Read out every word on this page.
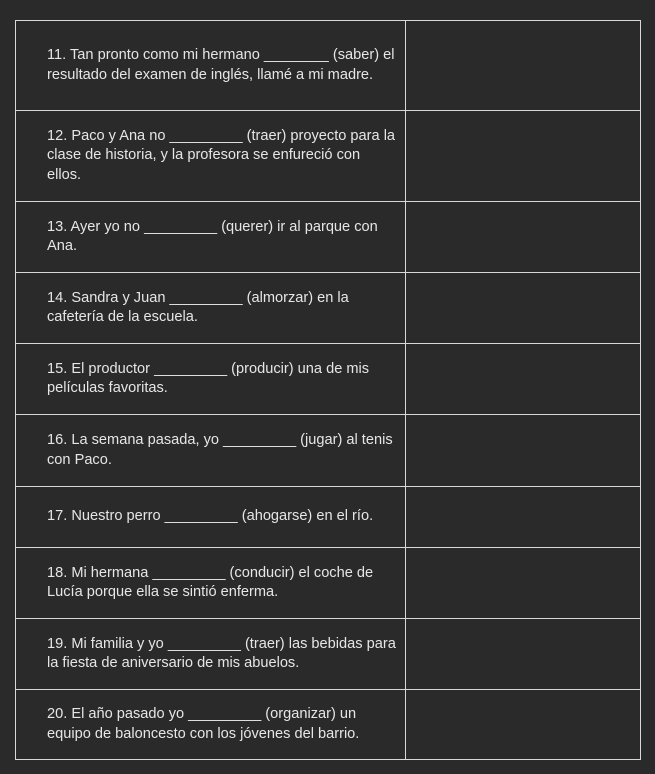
11. Tan pronto como mi hermano ________ (saber) el resultado del examen de inglés, llamé a mi madre.	
12. Paco y Ana no _________ (traer) proyecto para la clase de historia, y la profesora se enfureció con ellos.	
13. Ayer yo no _________ (querer) ir al parque con Ana.	
14. Sandra y Juan _________ (almorzar) en la cafetería de la escuela.	
15. El productor _________ (producir) una de mis películas favoritas.	
16. La semana pasada, yo _________ (jugar) al tenis con Paco.	
17. Nuestro perro _________ (ahogarse) en el río.	
18. Mi hermana _________ (conducir) el coche de Lucía porque ella se sintió enferma.	
19. Mi familia y yo _________ (traer) las bebidas para la fiesta de aniversario de mis abuelos.	
20. El año pasado yo _________ (organizar) un equipo de baloncesto con los jóvenes del barrio.	
